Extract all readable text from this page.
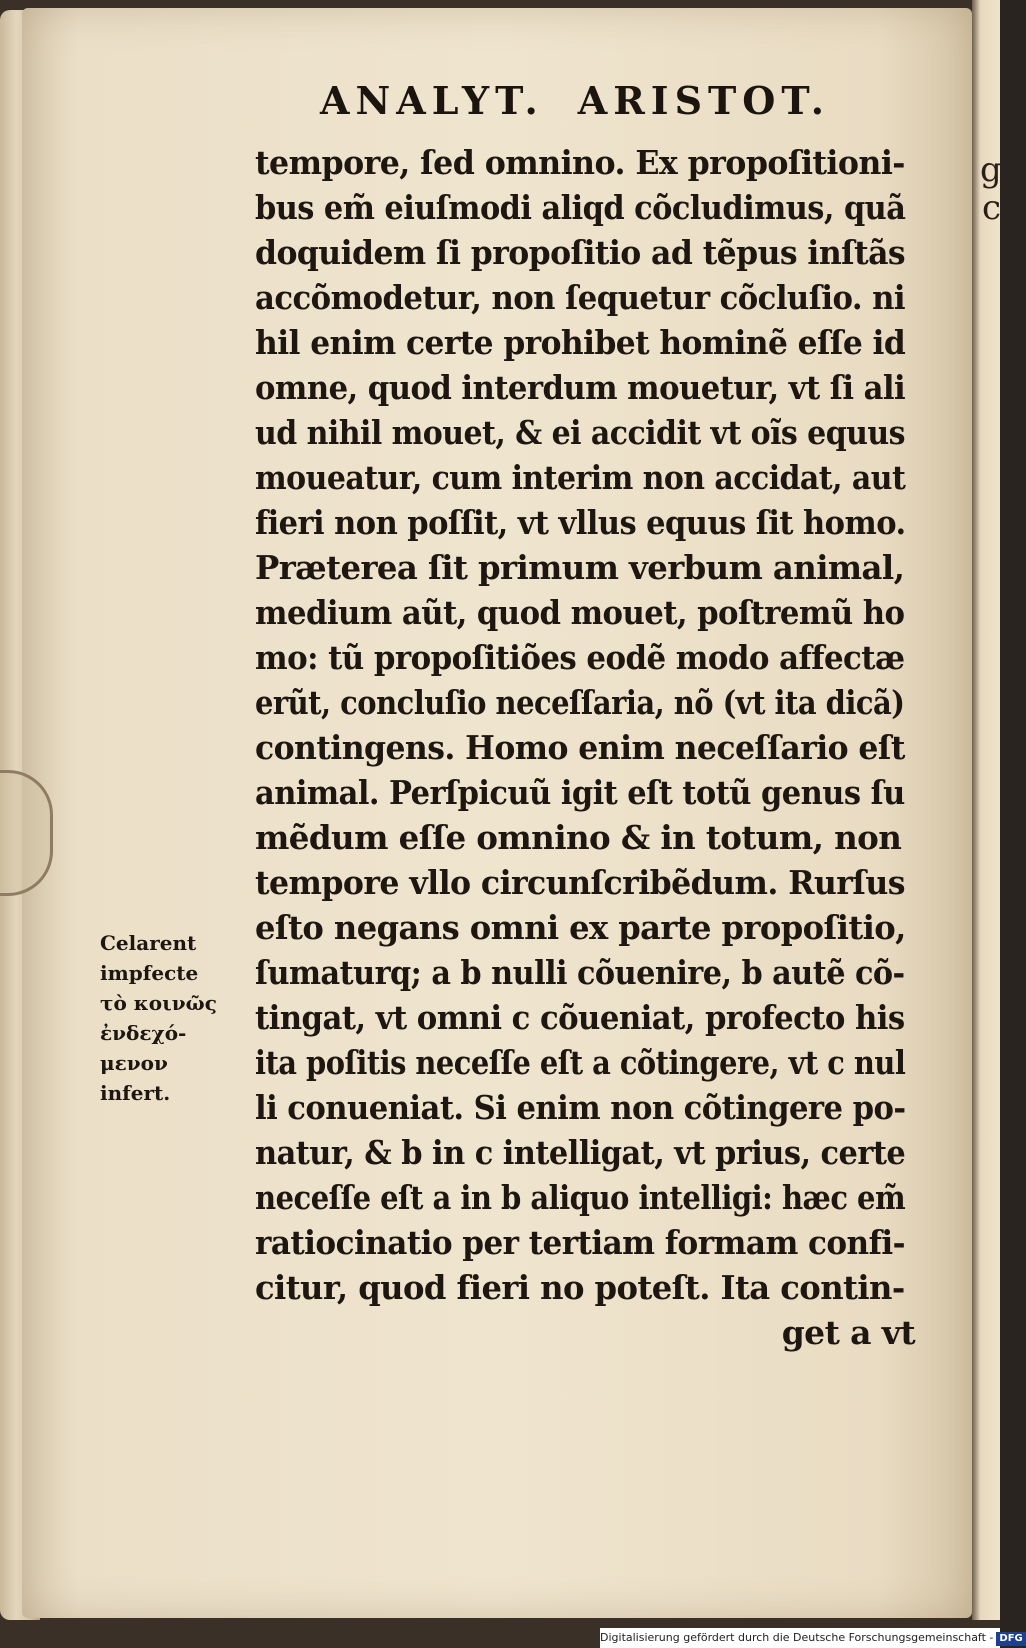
g
c
ANALYT. ARISTOT.
tempore, ſed omnino. Ex propoſitioni-
bus em̃ eiuſmodi aliqd cõcludimus, quã
doquidem ſi propoſitio ad tẽpus inſtãs
accõmodetur, non ſequetur cõcluſio. ni
hil enim certe prohibet hominẽ eſſe id
omne, quod interdum mouetur, vt ſi ali
ud nihil mouet, & ei accidit vt oĩs equus
moueatur, cum interim non accidat, aut
fieri non poſſit, vt vllus equus ſit homo.
Præterea ſit primum verbum animal,
medium aũt, quod mouet, poſtremũ ho
mo: tũ propoſitiões eodẽ modo affectæ
erũt, concluſio neceſſaria, nõ (vt ita dicã)
contingens. Homo enim neceſſario eſt
animal. Perſpicuũ igit eſt totũ genus ſu
mẽdum eſſe omnino & in totum, non
tempore vllo circunſcribẽdum. Rurſus
eſto negans omni ex parte propoſitio,
ſumaturq; a b nulli cõuenire, b autẽ cõ-
tingat, vt omni c cõueniat, profecto his
ita poſitis neceſſe eſt a cõtingere, vt c nul
li conueniat. Si enim non cõtingere po-
natur, & b in c intelligat, vt prius, certe
neceſſe eſt a in b aliquo intelligi: hæc em̃
ratiocinatio per tertiam formam confi-
citur, quod fieri no poteſt. Ita contin-
get a vt
Celarent
impfecte
τὸ κοινῶς
ἐνδεχό-
μενον
infert.
Digitalisierung gefördert durch die Deutsche Forschungsgemeinschaft - DFG
